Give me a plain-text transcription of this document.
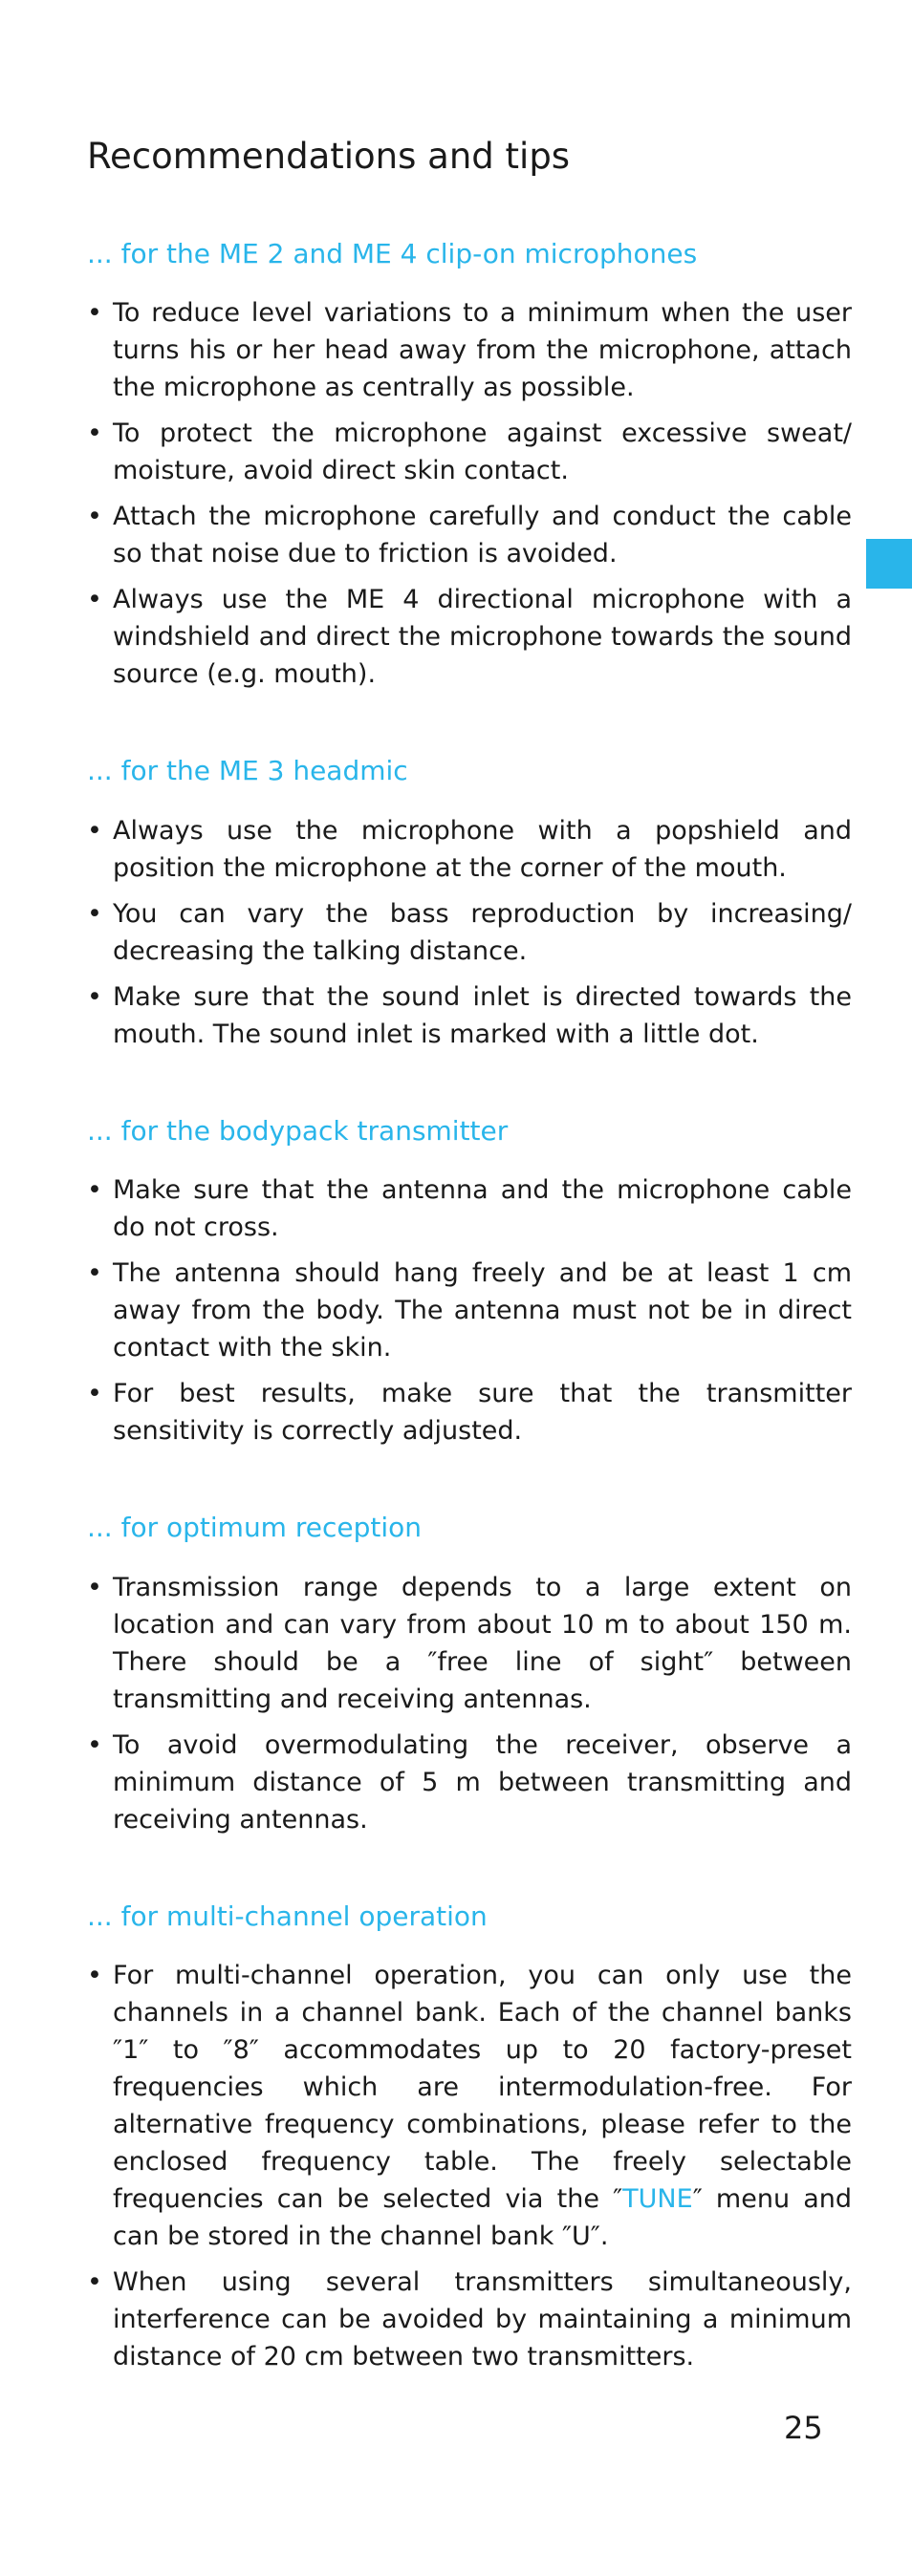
Recommendations and tips
... for the ME 2 and ME 4 clip-on microphones
• To reduce level variations to a minimum when the user turns his or her head away from the microphone, attach the microphone as centrally as possible.
• To protect the microphone against excessive sweat/ moisture, avoid direct skin contact.
• Attach the microphone carefully and conduct the cable so that noise due to friction is avoided.
• Always use the ME 4 directional microphone with a windshield and direct the microphone towards the sound source (e.g. mouth).
... for the ME 3 headmic
• Always use the microphone with a popshield and position the microphone at the corner of the mouth.
• You can vary the bass reproduction by increasing/ decreasing the talking distance.
• Make sure that the sound inlet is directed towards the mouth. The sound inlet is marked with a little dot.
... for the bodypack transmitter
• Make sure that the antenna and the microphone cable do not cross.
• The antenna should hang freely and be at least 1 cm away from the body. The antenna must not be in direct contact with the skin.
• For best results, make sure that the transmitter sensitivity is correctly adjusted.
... for optimum reception
• Transmission range depends to a large extent on location and can vary from about 10 m to about 150 m. There should be a ″free line of sight″ between transmitting and receiving antennas.
• To avoid overmodulating the receiver, observe a minimum distance of 5 m between transmitting and receiving antennas.
... for multi-channel operation
• For multi-channel operation, you can only use the channels in a channel bank. Each of the channel banks ″1″ to ″8″ accommodates up to 20 factory-preset frequencies which are intermodulation-free. For alternative frequency combinations, please refer to the enclosed frequency table. The freely selectable frequencies can be selected via the ″TUNE″ menu and can be stored in the channel bank ″U″.
• When using several transmitters simultaneously, interference can be avoided by maintaining a minimum distance of 20 cm between two transmitters.
25
